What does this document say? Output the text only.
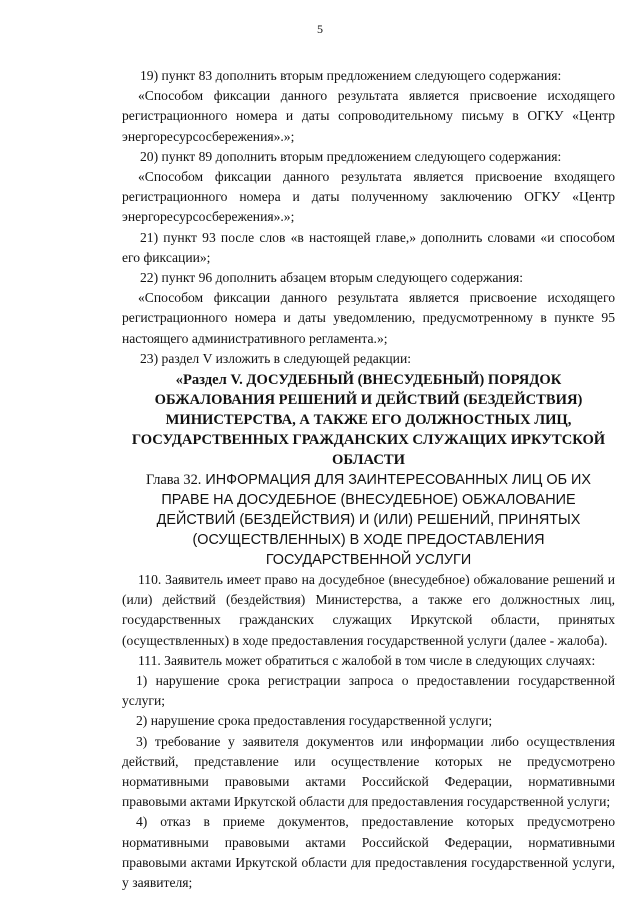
5

19) пункт 83 дополнить вторым предложением следующего содержания:

«Способом фиксации данного результата является присвоение исходящего регистрационного номера и даты сопроводительному письму в ОГКУ «Центр энергоресурсосбережения».»;

20) пункт 89 дополнить вторым предложением следующего содержания:

«Способом фиксации данного результата является присвоение входящего регистрационного номера и даты полученному заключению ОГКУ «Центр энергоресурсосбережения».»;

21) пункт 93 после слов «в настоящей главе,» дополнить словами «и способом его фиксации»;

22) пункт 96 дополнить абзацем вторым следующего содержания:

«Способом фиксации данного результата является присвоение исходящего регистрационного номера и даты уведомлению, предусмотренному в пункте 95 настоящего административного регламента.»;

23) раздел V изложить в следующей редакции:

«Раздел V. ДОСУДЕБНЫЙ (ВНЕСУДЕБНЫЙ) ПОРЯДОК ОБЖАЛОВАНИЯ РЕШЕНИЙ И ДЕЙСТВИЙ (БЕЗДЕЙСТВИЯ) МИНИСТЕРСТВА, А ТАКЖЕ ЕГО ДОЛЖНОСТНЫХ ЛИЦ, ГОСУДАРСТВЕННЫХ ГРАЖДАНСКИХ СЛУЖАЩИХ ИРКУТСКОЙ ОБЛАСТИ

Глава 32. ИНФОРМАЦИЯ ДЛЯ ЗАИНТЕРЕСОВАННЫХ ЛИЦ ОБ ИХ ПРАВЕ НА ДОСУДЕБНОЕ (ВНЕСУДЕБНОЕ) ОБЖАЛОВАНИЕ ДЕЙСТВИЙ (БЕЗДЕЙСТВИЯ) И (ИЛИ) РЕШЕНИЙ, ПРИНЯТЫХ (ОСУЩЕСТВЛЕННЫХ) В ХОДЕ ПРЕДОСТАВЛЕНИЯ ГОСУДАРСТВЕННОЙ УСЛУГИ

110. Заявитель имеет право на досудебное (внесудебное) обжалование решений и (или) действий (бездействия) Министерства, а также его должностных лиц, государственных гражданских служащих Иркутской области, принятых (осуществленных) в ходе предоставления государственной услуги (далее - жалоба).

111. Заявитель может обратиться с жалобой в том числе в следующих случаях:

1) нарушение срока регистрации запроса о предоставлении государственной услуги;

2) нарушение срока предоставления государственной услуги;

3) требование у заявителя документов или информации либо осуществления действий, представление или осуществление которых не предусмотрено нормативными правовыми актами Российской Федерации, нормативными правовыми актами Иркутской области для предоставления государственной услуги;

4) отказ в приеме документов, предоставление которых предусмотрено нормативными правовыми актами Российской Федерации, нормативными правовыми актами Иркутской области для предоставления государственной услуги, у заявителя;
